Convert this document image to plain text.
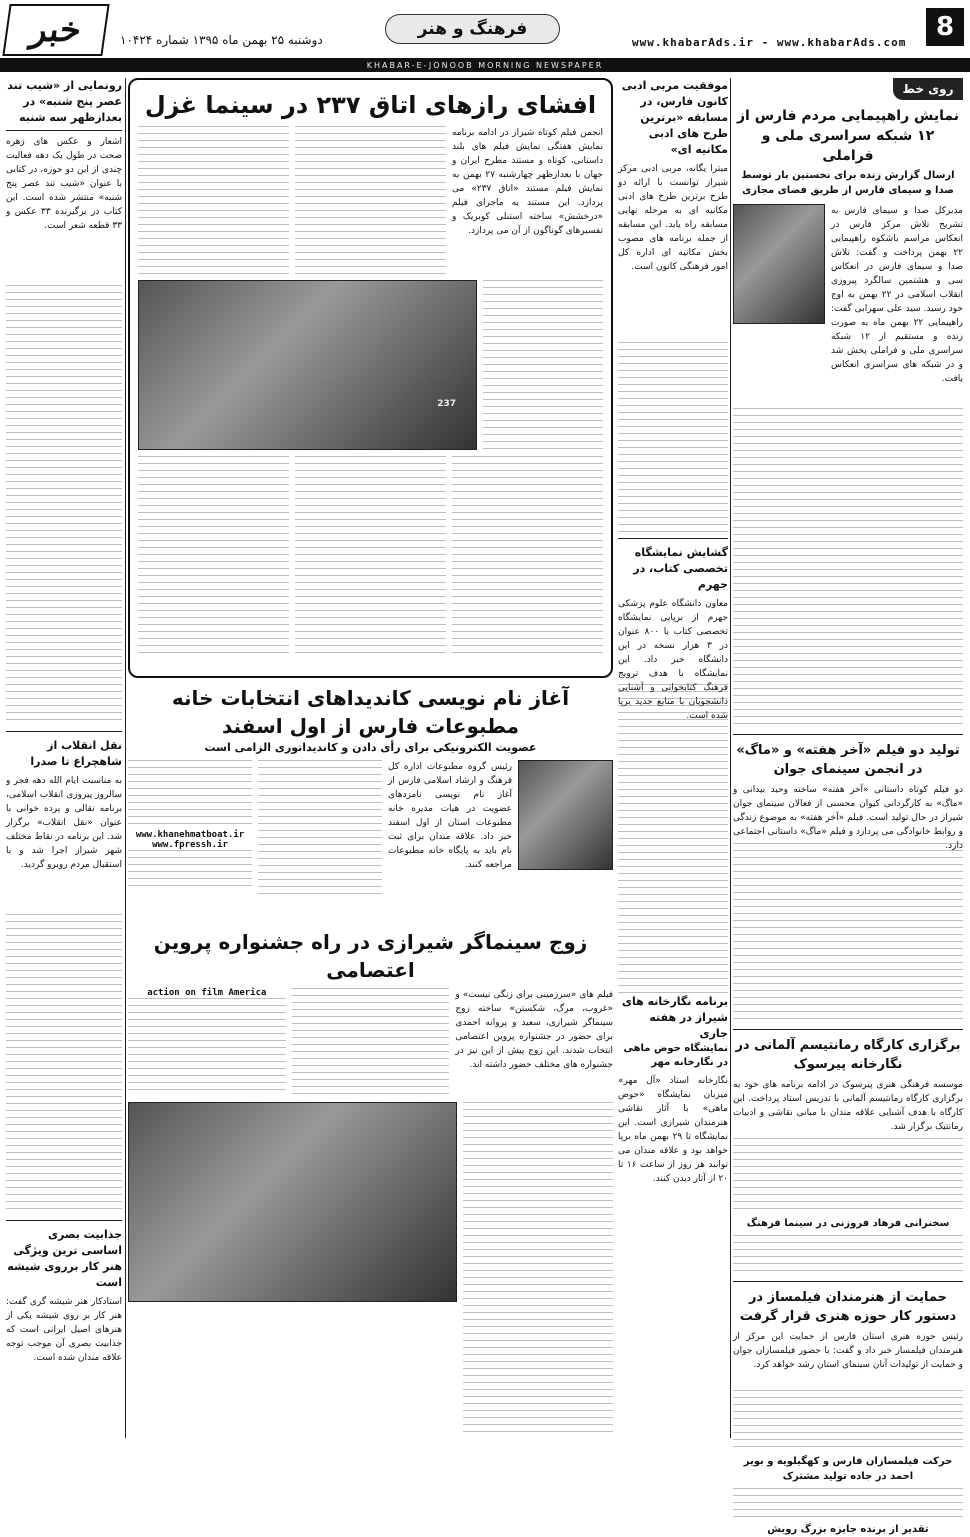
8
www.khabarAds.ir - www.khabarAds.com
فرهنگ و هنر
دوشنبه ۲۵ بهمن ماه ۱۳۹۵ شماره ۱۰۴۲۴
خبر
KHABAR-E-JONOOB MORNING NEWSPAPER
روی خط
نمایش راهپیمایی مردم فارس از ۱۲ شبکه سراسری ملی و فراملی
ارسال گزارش زنده برای نخستین بار توسط صدا و سیمای فارس از طریق فضای مجازی
مدیرکل صدا و سیمای فارس به تشریح تلاش مرکز فارس در انعکاس مراسم باشکوه راهپیمایی ۲۲ بهمن پرداخت و گفت: تلاش صدا و سیمای فارس در انعکاس سی و هشتمین سالگرد پیروزی انقلاب اسلامی در ۲۲ بهمن به اوج خود رسید. سید علی سهرابی گفت: راهپیمایی ۲۲ بهمن ماه به صورت زنده و مستقیم از ۱۲ شبکه سراسری ملی و فراملی پخش شد و در شبکه های سراسری انعکاس یافت.
تولید دو فیلم «آخر هفته» و «ماگ» در انجمن سینمای جوان
دو فیلم کوتاه داستانی «آخر هفته» ساخته وحید بیدانی و «ماگ» به کارگردانی کیوان محسنی از فعالان سینمای جوان شیراز در حال تولید است. فیلم «آخر هفته» به موضوع زندگی و روابط خانوادگی می پردازد و فیلم «ماگ» داستانی اجتماعی دارد.
برگزاری کارگاه رمانتیسم آلمانی در نگارخانه پیرسوک
موسسه فرهنگی هنری پیرسوک در ادامه برنامه های خود به برگزاری کارگاه رمانتیسم آلمانی با تدریس استاد پرداخت. این کارگاه با هدف آشنایی علاقه مندان با مبانی نقاشی و ادبیات رمانتیک برگزار شد.
سخنرانی فرهاد فروزنی در سینما فرهنگ
حمایت از هنرمندان فیلمساز در دستور کار حوزه هنری قرار گرفت
رئیس حوزه هنری استان فارس از حمایت این مرکز از هنرمندان فیلمساز خبر داد و گفت: با حضور فیلمسازان جوان و حمایت از تولیدات آنان سینمای استان رشد خواهد کرد.
حرکت فیلمسازان فارس و کهگیلویه و بویر احمد در جاده تولید مشترک
تقدیر از برنده جایزه بزرگ رویش
افشای رازهای اتاق ۲۳۷ در سینما غزل
انجمن فیلم کوتاه شیراز در ادامه برنامه نمایش هفتگی نمایش فیلم های بلند داستانی، کوتاه و مستند مطرح ایران و جهان با بعدازظهر چهارشنبه ۲۷ بهمن به نمایش فیلم مستند «اتاق ۲۳۷» می پردازد. این مستند به ماجرای فیلم «درخشش» ساخته استنلی کوبریک و تفسیرهای گوناگون از آن می پردازد.
237
موفقیت مربی ادبی کانون فارس، در مسابقه «برترین طرح های ادبی مکانیه ای»
میترا یگانه، مربی ادبی مرکز شیراز توانست با ارائه دو طرح برترین طرح های ادبی مکانیه ای به مرحله نهایی مسابقه راه یابد. این مسابقه از جمله برنامه های مصوب بخش مکانیه ای اداره کل امور فرهنگی کانون است.
گشایش نمایشگاه تخصصی کتاب، در جهرم
معاون دانشگاه علوم پزشکی جهرم از برپایی نمایشگاه تخصصی کتاب با ۸۰۰ عنوان در ۳ هزار نسخه در این دانشگاه خبر داد. این نمایشگاه با هدف ترویج فرهنگ کتابخوانی و آشنایی دانشجویان با منابع جدید برپا شده است.
آغاز نام نویسی کاندیداهای انتخابات خانه مطبوعات فارس از اول اسفند
عضویت الکترونیکی برای رأی دادن و کاندیداتوری الزامی است
رئیس گروه مطبوعات اداره کل فرهنگ و ارشاد اسلامی فارس از آغاز نام نویسی نامزدهای عضویت در هیات مدیره خانه مطبوعات استان از اول اسفند خبر داد. علاقه مندان برای ثبت نام باید به پایگاه خانه مطبوعات مراجعه کنند.
www.khanehmatboat.ir
www.fpressh.ir
برنامه نگارخانه های شیراز در هفته جاری
نمایشگاه حوض ماهی
در نگارخانه مهر
نگارخانه استاد «آل مهر» میزبان نمایشگاه «حوض ماهی» با آثار نقاشی هنرمندان شیرازی است. این نمایشگاه تا ۲۹ بهمن ماه برپا خواهد بود و علاقه مندان می توانند هر روز از ساعت ۱۶ تا ۲۰ از آثار دیدن کنند.
زوج سینماگر شیرازی در راه جشنواره پروین اعتصامی
فیلم های «سرزمینی برای زنگی نیست» و «غروب، مرگ، شکستن» ساخته زوج سینماگر شیرازی، سعید و پروانه احمدی برای حضور در جشنواره پروین اعتصامی انتخاب شدند. این زوج پیش از این نیز در جشنواره های مختلف حضور داشته اند.
action on film America
رونمایی از «شیب تند عصر پنج شنبه» در بعدازظهر سه شنبه
اشعار و عکس های زهره صحت در طول یک دهه فعالیت چندی از این دو حوزه، در کتابی با عنوان «شیب تند عصر پنج شنبه» منتشر شده است. این کتاب در برگیرنده ۳۳ عکس و ۳۳ قطعه شعر است.
نقل انقلاب از شاهچراغ تا صدرا
به مناسبت ایام الله دهه فجر و سالروز پیروزی انقلاب اسلامی، برنامه نقالی و پرده خوانی با عنوان «نقل انقلاب» برگزار شد. این برنامه در نقاط مختلف شهر شیراز اجرا شد و با استقبال مردم روبرو گردید.
جذابیت بصری اساسی ترین ویژگی هنر کار برروی شیشه است
استادکار هنر شیشه گری گفت: هنر کار بر روی شیشه یکی از هنرهای اصیل ایرانی است که جذابیت بصری آن موجب توجه علاقه مندان شده است.
